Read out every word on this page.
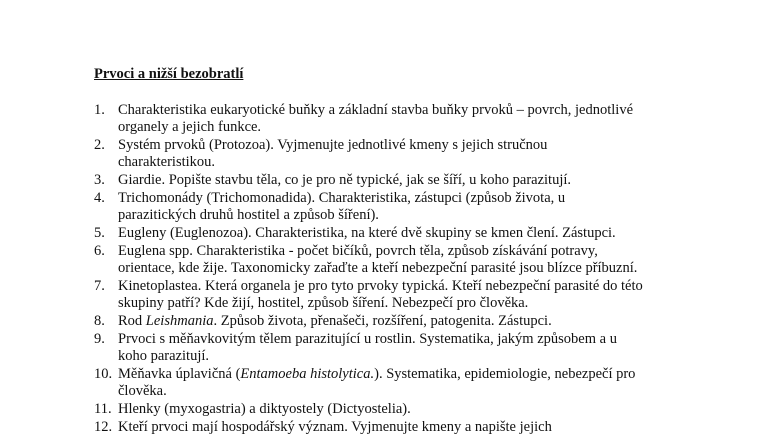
Prvoci a nižší bezobratlí
1. Charakteristika eukaryotické buňky a základní stavba buňky prvoků – povrch, jednotlivé
organely a jejich funkce.
2. Systém prvoků (Protozoa). Vyjmenujte jednotlivé kmeny s jejich stručnou
charakteristikou.
3. Giardie. Popište stavbu těla, co je pro ně typické, jak se šíří, u koho parazitují.
4. Trichomonády (Trichomonadida). Charakteristika, zástupci (způsob života, u
parazitických druhů hostitel a způsob šíření).
5. Eugleny (Euglenozoa). Charakteristika, na které dvě skupiny se kmen člení. Zástupci.
6. Euglena spp. Charakteristika - počet bičíků, povrch těla, způsob získávání potravy,
orientace, kde žije. Taxonomicky zařaďte a kteří nebezpeční parasité jsou blízce příbuzní.
7. Kinetoplastea. Která organela je pro tyto prvoky typická. Kteří nebezpeční parasité do této
skupiny patří? Kde žijí, hostitel, způsob šíření. Nebezpečí pro člověka.
8. Rod Leishmania. Způsob života, přenašeči, rozšíření, patogenita. Zástupci.
9. Prvoci s měňavkovitým tělem parazitující u rostlin. Systematika, jakým způsobem a u
koho parazitují.
10. Měňavka úplavičná (Entamoeba histolytica.). Systematika, epidemiologie, nebezpečí pro
člověka.
11. Hlenky (myxogastria) a diktyostely (Dictyostelia).
12. Kteří prvoci mají hospodářský význam. Vyjmenujte kmeny a napište jejich
